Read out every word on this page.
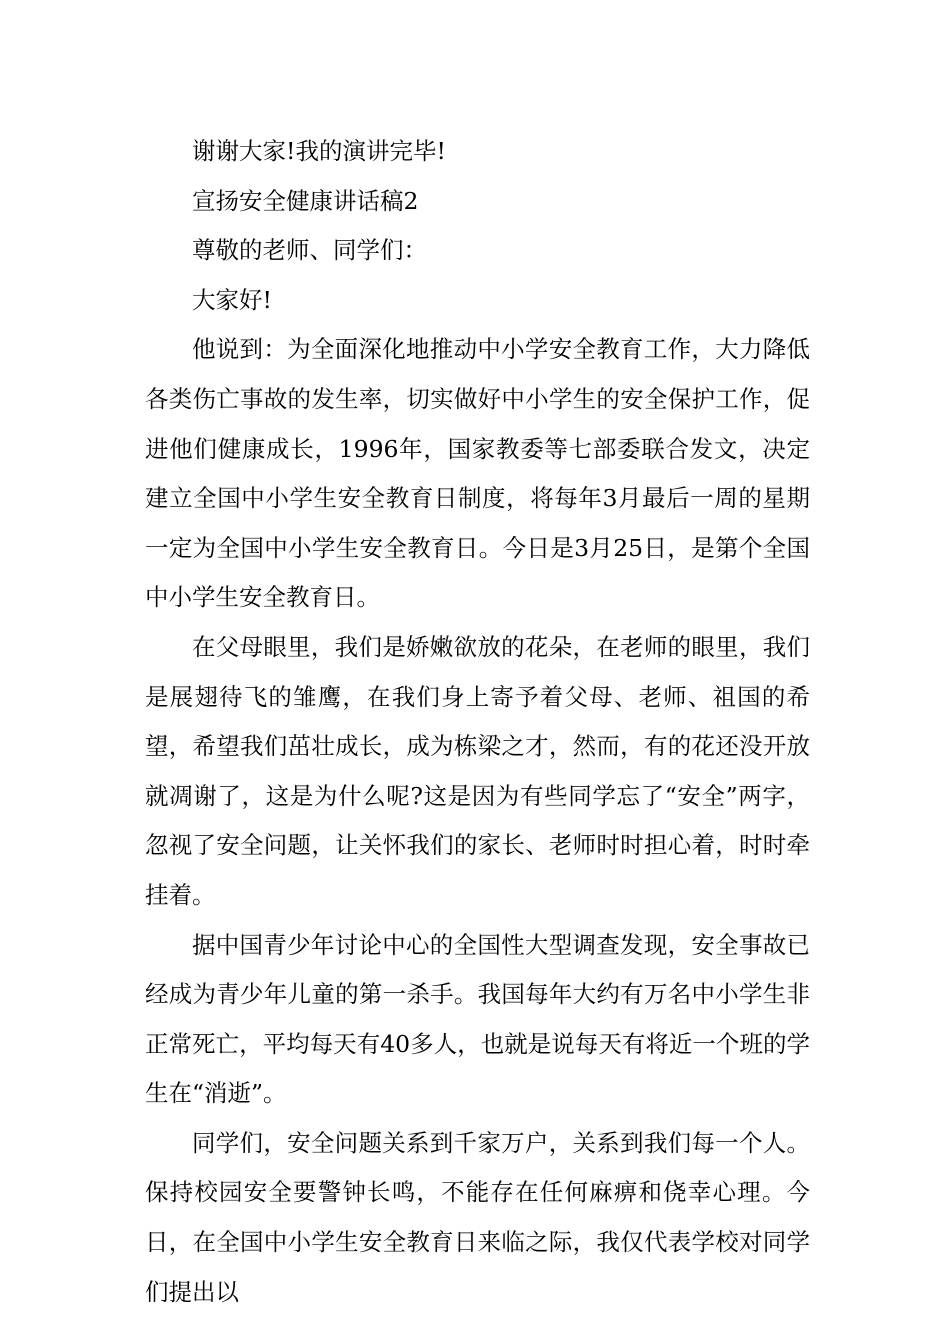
谢谢大家!我的演讲完毕!

宣扬安全健康讲话稿2

尊敬的老师、同学们：

大家好!

他说到：为全面深化地推动中小学安全教育工作，大力降低各类伤亡事故的发生率，切实做好中小学生的安全保护工作，促进他们健康成长，1996年，国家教委等七部委联合发文，决定建立全国中小学生安全教育日制度，将每年3月最后一周的星期一定为全国中小学生安全教育日。今日是3月25日，是第个全国中小学生安全教育日。

在父母眼里，我们是娇嫩欲放的花朵，在老师的眼里，我们是展翅待飞的雏鹰，在我们身上寄予着父母、老师、祖国的希望，希望我们茁壮成长，成为栋梁之才，然而，有的花还没开放就凋谢了，这是为什么呢?这是因为有些同学忘了“安全”两字，忽视了安全问题，让关怀我们的家长、老师时时担心着，时时牵挂着。

据中国青少年讨论中心的全国性大型调查发现，安全事故已经成为青少年儿童的第一杀手。我国每年大约有万名中小学生非正常死亡，平均每天有40多人，也就是说每天有将近一个班的学生在“消逝”。

同学们，安全问题关系到千家万户，关系到我们每一个人。保持校园安全要警钟长鸣，不能存在任何麻痹和侥幸心理。今日，在全国中小学生安全教育日来临之际，我仅代表学校对同学们提出以
